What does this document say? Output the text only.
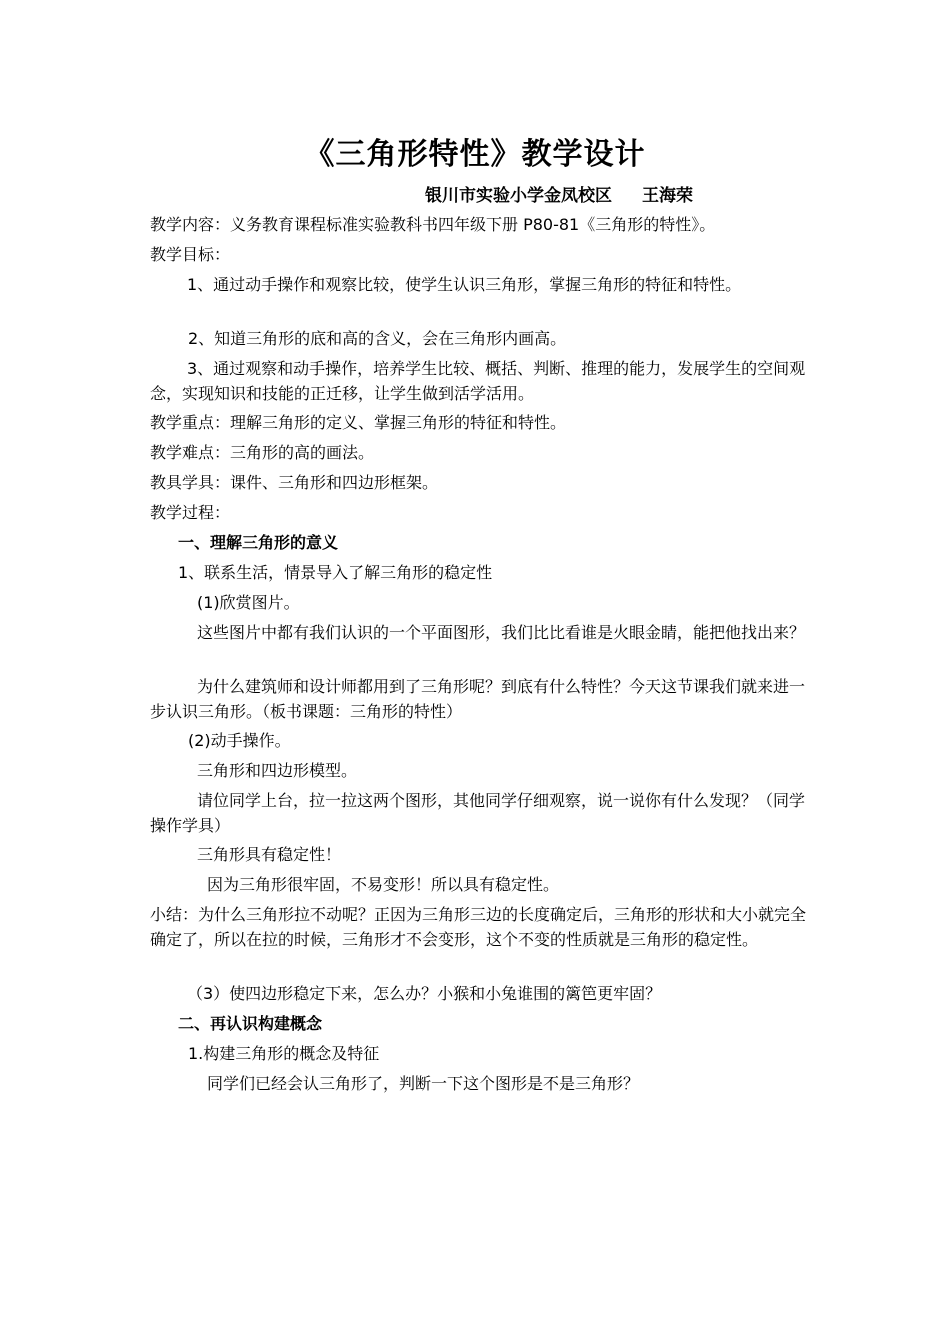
《三角形特性》教学设计
银川市实验小学金凤校区 王海荣

教学内容：义务教育课程标准实验教科书四年级下册 P80-81《三角形的特性》。

教学目标：

1、通过动手操作和观察比较，使学生认识三角形，掌握三角形的特征和特性。

2、知道三角形的底和高的含义，会在三角形内画高。

3、通过观察和动手操作，培养学生比较、概括、判断、推理的能力，发展学生的空间观念，实现知识和技能的正迁移，让学生做到活学活用。

教学重点：理解三角形的定义、掌握三角形的特征和特性。

教学难点：三角形的高的画法。

教具学具：课件、三角形和四边形框架。

教学过程：

一、理解三角形的意义

1、联系生活，情景导入了解三角形的稳定性

(1)欣赏图片。

这些图片中都有我们认识的一个平面图形，我们比比看谁是火眼金睛，能把他找出来？

为什么建筑师和设计师都用到了三角形呢？到底有什么特性？今天这节课我们就来进一步认识三角形。（板书课题：三角形的特性）

(2)动手操作。

三角形和四边形模型。

请位同学上台，拉一拉这两个图形，其他同学仔细观察，说一说你有什么发现？（同学操作学具）

三角形具有稳定性！

因为三角形很牢固，不易变形！所以具有稳定性。

小结：为什么三角形拉不动呢？正因为三角形三边的长度确定后，三角形的形状和大小就完全确定了，所以在拉的时候，三角形才不会变形，这个不变的性质就是三角形的稳定性。

（3）使四边形稳定下来，怎么办？小猴和小兔谁围的篱笆更牢固？

二、再认识构建概念

1.构建三角形的概念及特征

同学们已经会认三角形了，判断一下这个图形是不是三角形？
